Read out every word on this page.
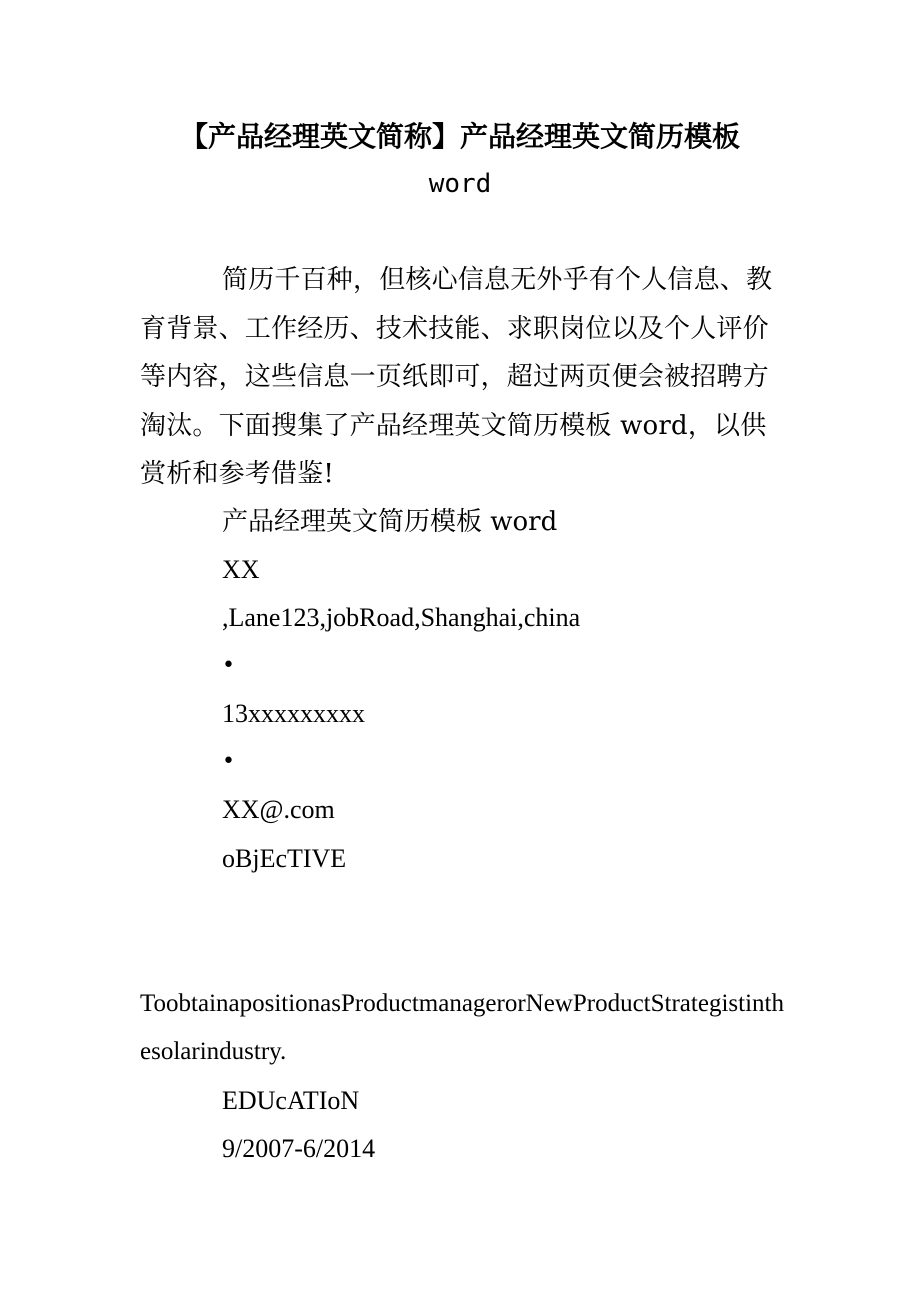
【产品经理英文简称】产品经理英文简历模板
word

简历千百种，但核心信息无外乎有个人信息、教育背景、工作经历、技术技能、求职岗位以及个人评价等内容，这些信息一页纸即可，超过两页便会被招聘方淘汰。下面搜集了产品经理英文简历模板 word，以供赏析和参考借鉴!

产品经理英文简历模板 word
XX
,Lane123,jobRoad,Shanghai,china
•
13xxxxxxxxx
•
XX@.com
oBjEcTIVE

ToobtainapositionasProductmanagerorNewProductStrategistinthesolarindustry.

EDUcATIoN
9/2007-6/2014
